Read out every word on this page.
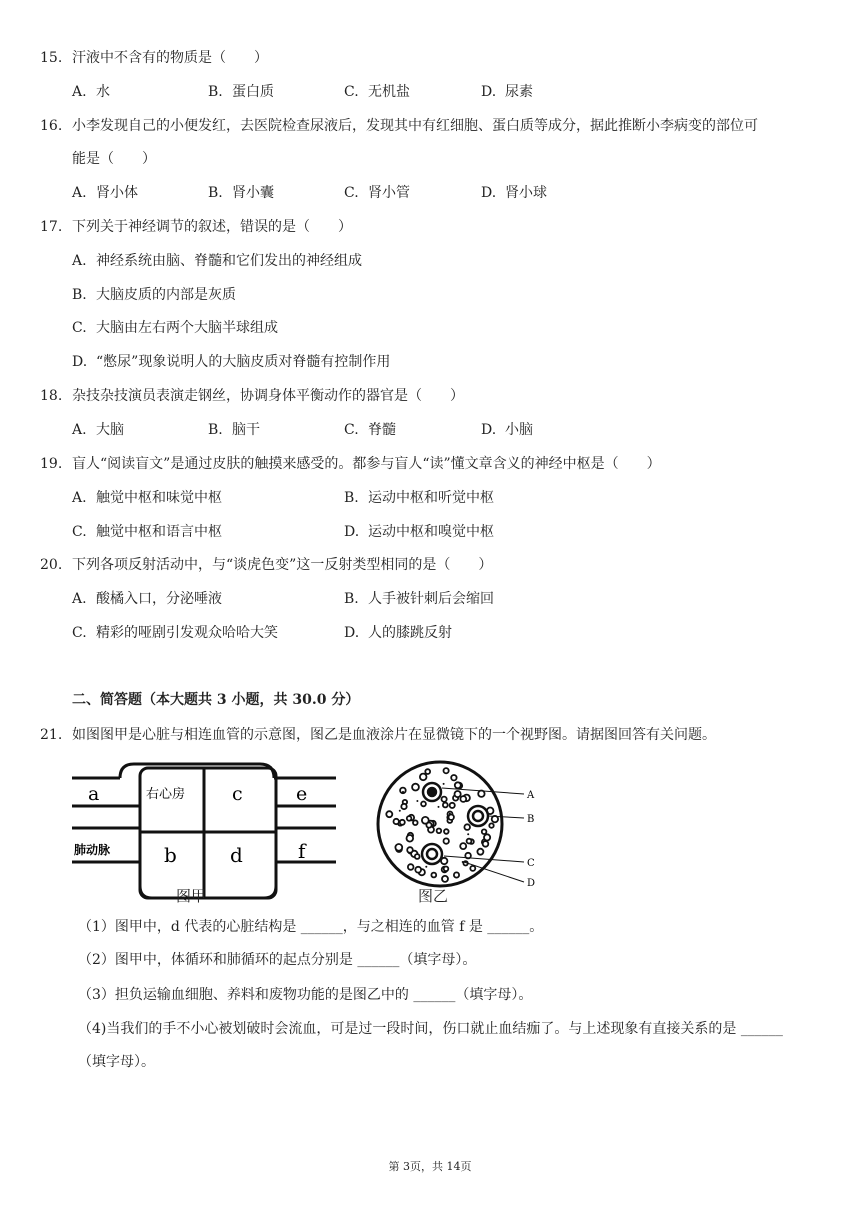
15. 汗液中不含有的物质是（　　）
A. 水	B. 蛋白质	C. 无机盐	D. 尿素
16. 小李发现自己的小便发红，去医院检查尿液后，发现其中有红细胞、蛋白质等成分，据此推断小李病变的部位可
能是（　　）
A. 肾小体	B. 肾小囊	C. 肾小管	D. 肾小球
17. 下列关于神经调节的叙述，错误的是（　　）
A. 神经系统由脑、脊髓和它们发出的神经组成
B. 大脑皮质的内部是灰质
C. 大脑由左右两个大脑半球组成
D. “憋尿”现象说明人的大脑皮质对脊髓有控制作用
18. 杂技杂技演员表演走钢丝，协调身体平衡动作的器官是（　　）
A. 大脑	B. 脑干	C. 脊髓	D. 小脑
19. 盲人“阅读盲文”是通过皮肤的触摸来感受的。都参与盲人“读”懂文章含义的神经中枢是（　　）
A. 触觉中枢和味觉中枢	B. 运动中枢和听觉中枢
C. 触觉中枢和语言中枢	D. 运动中枢和嗅觉中枢
20. 下列各项反射活动中，与“谈虎色变”这一反射类型相同的是（　　）
A. 酸橘入口，分泌唾液	B. 人手被针刺后会缩回
C. 精彩的哑剧引发观众哈哈大笑	D. 人的膝跳反射
二、简答题（本大题共 3 小题，共 30.0 分）
21. 如图图甲是心脏与相连血管的示意图，图乙是血液涂片在显微镜下的一个视野图。请据图回答有关问题。
a	右心房 c	e
肺动脉	b	d	f
图甲
A
B
C
D
图乙
（1）图甲中，d 代表的心脏结构是 ______，与之相连的血管 f 是 ______。
（2）图甲中，体循环和肺循环的起点分别是 ______（填字母）。
（3）担负运输血细胞、养料和废物功能的是图乙中的 ______（填字母）。
（4)当我们的手不小心被划破时会流血，可是过一段时间，伤口就止血结痂了。与上述现象有直接关系的是 ______
（填字母）。
第 3页，共 14页
